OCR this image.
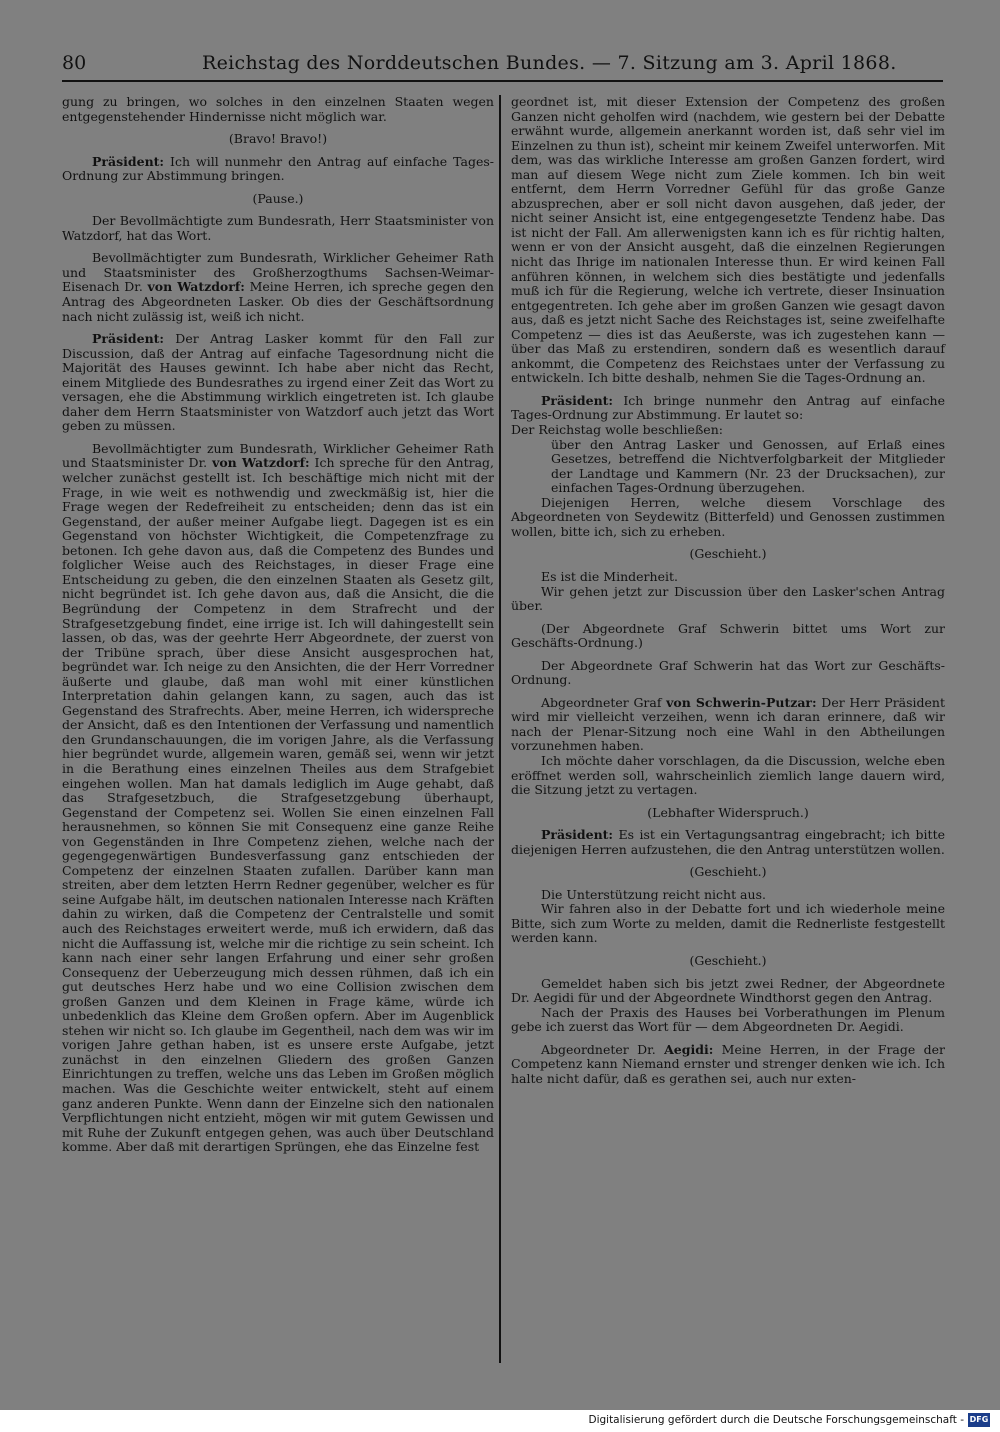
80	Reichstag des Norddeutschen Bundes. — 7. Sitzung am 3. April 1868.

gung zu bringen, wo solches in den einzelnen Staaten wegen entgegenstehender Hindernisse nicht möglich war.

(Bravo! Bravo!)

Präsident: Ich will nunmehr den Antrag auf einfache Tages-Ordnung zur Abstimmung bringen.

(Pause.)

Der Bevollmächtigte zum Bundesrath, Herr Staatsminister von Watzdorf, hat das Wort.

Bevollmächtigter zum Bundesrath, Wirklicher Geheimer Rath und Staatsminister des Großherzogthums Sachsen-Weimar-Eisenach Dr. von Watzdorf: Meine Herren, ich spreche gegen den Antrag des Abgeordneten Lasker. Ob dies der Geschäftsordnung nach nicht zulässig ist, weiß ich nicht.

Präsident: Der Antrag Lasker kommt für den Fall zur Discussion, daß der Antrag auf einfache Tagesordnung nicht die Majorität des Hauses gewinnt. Ich habe aber nicht das Recht, einem Mitgliede des Bundesrathes zu irgend einer Zeit das Wort zu versagen, ehe die Abstimmung wirklich eingetreten ist. Ich glaube daher dem Herrn Staatsminister von Watzdorf auch jetzt das Wort geben zu müssen.

Bevollmächtigter zum Bundesrath, Wirklicher Geheimer Rath und Staatsminister Dr. von Watzdorf: Ich spreche für den Antrag, welcher zunächst gestellt ist. Ich beschäftige mich nicht mit der Frage, in wie weit es nothwendig und zweckmäßig ist, hier die Frage wegen der Redefreiheit zu entscheiden; denn das ist ein Gegenstand, der außer meiner Aufgabe liegt. Dagegen ist es ein Gegenstand von höchster Wichtigkeit, die Competenzfrage zu betonen. Ich gehe davon aus, daß die Competenz des Bundes und folglicher Weise auch des Reichstages, in dieser Frage eine Entscheidung zu geben, die den einzelnen Staaten als Gesetz gilt, nicht begründet ist. Ich gehe davon aus, daß die Ansicht, die die Begründung der Competenz in dem Strafrecht und der Strafgesetzgebung findet, eine irrige ist. Ich will dahingestellt sein lassen, ob das, was der geehrte Herr Abgeordnete, der zuerst von der Tribüne sprach, über diese Ansicht ausgesprochen hat, begründet war. Ich neige zu den Ansichten, die der Herr Vorredner äußerte und glaube, daß man wohl mit einer künstlichen Interpretation dahin gelangen kann, zu sagen, auch das ist Gegenstand des Strafrechts. Aber, meine Herren, ich widerspreche der Ansicht, daß es den Intentionen der Verfassung und namentlich den Grundanschauungen, die im vorigen Jahre, als die Verfassung hier begründet wurde, allgemein waren, gemäß sei, wenn wir jetzt in die Berathung eines einzelnen Theiles aus dem Strafgebiet eingehen wollen. Man hat damals lediglich im Auge gehabt, daß das Strafgesetzbuch, die Strafgesetzgebung überhaupt, Gegenstand der Competenz sei. Wollen Sie einen einzelnen Fall herausnehmen, so können Sie mit Consequenz eine ganze Reihe von Gegenständen in Ihre Competenz ziehen, welche nach der gegengegenwärtigen Bundesverfassung ganz entschieden der Competenz der einzelnen Staaten zufallen. Darüber kann man streiten, aber dem letzten Herrn Redner gegenüber, welcher es für seine Aufgabe hält, im deutschen nationalen Interesse nach Kräften dahin zu wirken, daß die Competenz der Centralstelle und somit auch des Reichstages erweitert werde, muß ich erwidern, daß das nicht die Auffassung ist, welche mir die richtige zu sein scheint. Ich kann nach einer sehr langen Erfahrung und einer sehr großen Consequenz der Ueberzeugung mich dessen rühmen, daß ich ein gut deutsches Herz habe und wo eine Collision zwischen dem großen Ganzen und dem Kleinen in Frage käme, würde ich unbedenklich das Kleine dem Großen opfern. Aber im Augenblick stehen wir nicht so. Ich glaube im Gegentheil, nach dem was wir im vorigen Jahre gethan haben, ist es unsere erste Aufgabe, jetzt zunächst in den einzelnen Gliedern des großen Ganzen Einrichtungen zu treffen, welche uns das Leben im Großen möglich machen. Was die Geschichte weiter entwickelt, steht auf einem ganz anderen Punkte. Wenn dann der Einzelne sich den nationalen Verpflichtungen nicht entzieht, mögen wir mit gutem Gewissen und mit Ruhe der Zukunft entgegen gehen, was auch über Deutschland komme. Aber daß mit derartigen Sprüngen, ehe das Einzelne fest

geordnet ist, mit dieser Extension der Competenz des großen Ganzen nicht geholfen wird (nachdem, wie gestern bei der Debatte erwähnt wurde, allgemein anerkannt worden ist, daß sehr viel im Einzelnen zu thun ist), scheint mir keinem Zweifel unterworfen. Mit dem, was das wirkliche Interesse am großen Ganzen fordert, wird man auf diesem Wege nicht zum Ziele kommen. Ich bin weit entfernt, dem Herrn Vorredner Gefühl für das große Ganze abzusprechen, aber er soll nicht davon ausgehen, daß jeder, der nicht seiner Ansicht ist, eine entgegengesetzte Tendenz habe. Das ist nicht der Fall. Am allerwenigsten kann ich es für richtig halten, wenn er von der Ansicht ausgeht, daß die einzelnen Regierungen nicht das Ihrige im nationalen Interesse thun. Er wird keinen Fall anführen können, in welchem sich dies bestätigte und jedenfalls muß ich für die Regierung, welche ich vertrete, dieser Insinuation entgegentreten. Ich gehe aber im großen Ganzen wie gesagt davon aus, daß es jetzt nicht Sache des Reichstages ist, seine zweifelhafte Competenz — dies ist das Aeußerste, was ich zugestehen kann — über das Maß zu erstendiren, sondern daß es wesentlich darauf ankommt, die Competenz des Reichstaes unter der Verfassung zu entwickeln. Ich bitte deshalb, nehmen Sie die Tages-Ordnung an.

Präsident: Ich bringe nunmehr den Antrag auf einfache Tages-Ordnung zur Abstimmung. Er lautet so:

Der Reichstag wolle beschließen:

über den Antrag Lasker und Genossen, auf Erlaß eines Gesetzes, betreffend die Nichtverfolgbarkeit der Mitglieder der Landtage und Kammern (Nr. 23 der Drucksachen), zur einfachen Tages-Ordnung überzugehen.

Diejenigen Herren, welche diesem Vorschlage des Abgeordneten von Seydewitz (Bitterfeld) und Genossen zustimmen wollen, bitte ich, sich zu erheben.

(Geschieht.)

Es ist die Minderheit.

Wir gehen jetzt zur Discussion über den Lasker'schen Antrag über.

(Der Abgeordnete Graf Schwerin bittet ums Wort zur Geschäfts-Ordnung.)

Der Abgeordnete Graf Schwerin hat das Wort zur Geschäfts-Ordnung.

Abgeordneter Graf von Schwerin-Putzar: Der Herr Präsident wird mir vielleicht verzeihen, wenn ich daran erinnere, daß wir nach der Plenar-Sitzung noch eine Wahl in den Abtheilungen vorzunehmen haben.

Ich möchte daher vorschlagen, da die Discussion, welche eben eröffnet werden soll, wahrscheinlich ziemlich lange dauern wird, die Sitzung jetzt zu vertagen.

(Lebhafter Widerspruch.)

Präsident: Es ist ein Vertagungsantrag eingebracht; ich bitte diejenigen Herren aufzustehen, die den Antrag unterstützen wollen.

(Geschieht.)

Die Unterstützung reicht nicht aus.

Wir fahren also in der Debatte fort und ich wiederhole meine Bitte, sich zum Worte zu melden, damit die Rednerliste festgestellt werden kann.

(Geschieht.)

Gemeldet haben sich bis jetzt zwei Redner, der Abgeordnete Dr. Aegidi für und der Abgeordnete Windthorst gegen den Antrag.

Nach der Praxis des Hauses bei Vorberathungen im Plenum gebe ich zuerst das Wort für — dem Abgeordneten Dr. Aegidi.

Abgeordneter Dr. Aegidi: Meine Herren, in der Frage der Competenz kann Niemand ernster und strenger denken wie ich. Ich halte nicht dafür, daß es gerathen sei, auch nur exten-

Digitalisierung gefördert durch die Deutsche Forschungsgemeinschaft - DFG
